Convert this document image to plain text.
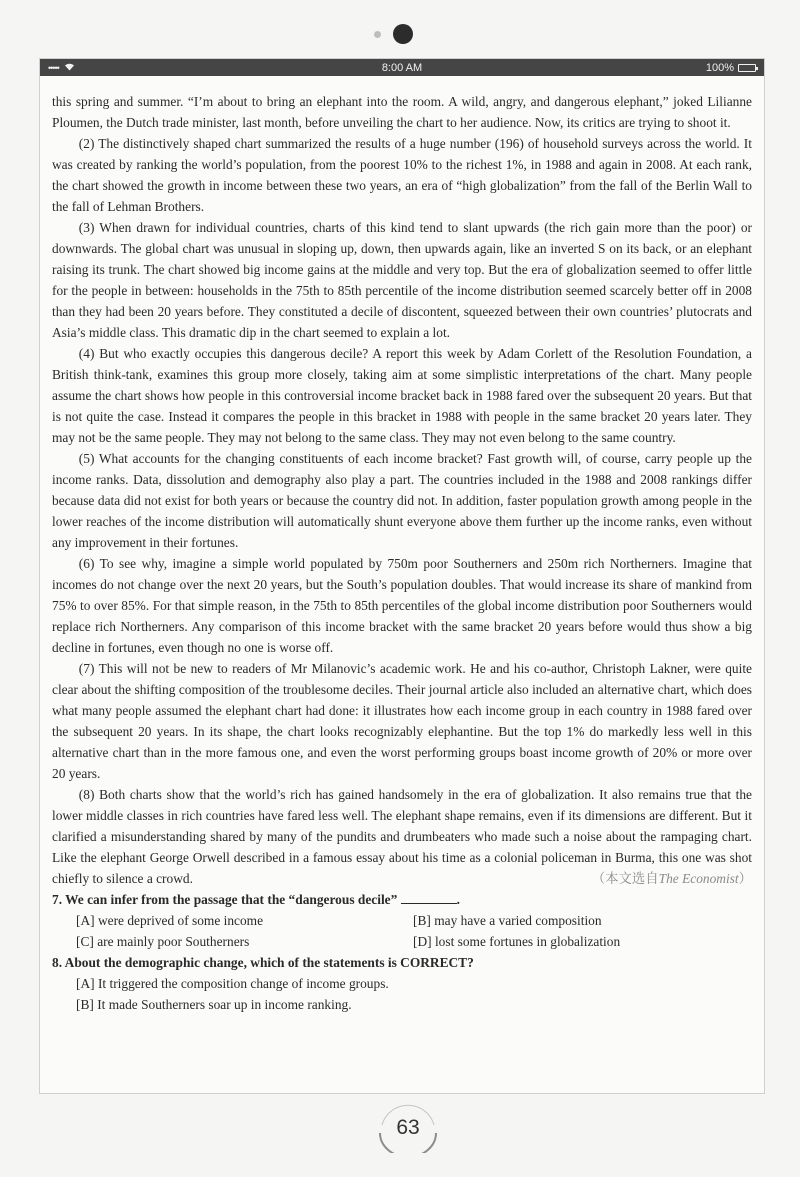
•••••	8:00 AM	100%

this spring and summer. “I’m about to bring an elephant into the room. A wild, angry, and dangerous elephant,” joked Lilianne Ploumen, the Dutch trade minister, last month, before unveiling the chart to her audience. Now, its critics are trying to shoot it.

(2) The distinctively shaped chart summarized the results of a huge number (196) of household surveys across the world. It was created by ranking the world’s population, from the poorest 10% to the richest 1%, in 1988 and again in 2008. At each rank, the chart showed the growth in income between these two years, an era of “high globalization” from the fall of the Berlin Wall to the fall of Lehman Brothers.

(3) When drawn for individual countries, charts of this kind tend to slant upwards (the rich gain more than the poor) or downwards. The global chart was unusual in sloping up, down, then upwards again, like an inverted S on its back, or an elephant raising its trunk. The chart showed big income gains at the middle and very top. But the era of globalization seemed to offer little for the people in between: households in the 75th to 85th percentile of the income distribution seemed scarcely better off in 2008 than they had been 20 years before. They constituted a decile of discontent, squeezed between their own countries’ plutocrats and Asia’s middle class. This dramatic dip in the chart seemed to explain a lot.

(4) But who exactly occupies this dangerous decile? A report this week by Adam Corlett of the Resolution Foundation, a British think-tank, examines this group more closely, taking aim at some simplistic interpretations of the chart. Many people assume the chart shows how people in this controversial income bracket back in 1988 fared over the subsequent 20 years. But that is not quite the case. Instead it compares the people in this bracket in 1988 with people in the same bracket 20 years later. They may not be the same people. They may not belong to the same class. They may not even belong to the same country.

(5) What accounts for the changing constituents of each income bracket? Fast growth will, of course, carry people up the income ranks. Data, dissolution and demography also play a part. The countries included in the 1988 and 2008 rankings differ because data did not exist for both years or because the country did not. In addition, faster population growth among people in the lower reaches of the income distribution will automatically shunt everyone above them further up the income ranks, even without any improvement in their fortunes.

(6) To see why, imagine a simple world populated by 750m poor Southerners and 250m rich Northerners. Imagine that incomes do not change over the next 20 years, but the South’s population doubles. That would increase its share of mankind from 75% to over 85%. For that simple reason, in the 75th to 85th percentiles of the global income distribution poor Southerners would replace rich Northerners. Any comparison of this income bracket with the same bracket 20 years before would thus show a big decline in fortunes, even though no one is worse off.

(7) This will not be new to readers of Mr Milanovic’s academic work. He and his co-author, Christoph Lakner, were quite clear about the shifting composition of the troublesome deciles. Their journal article also included an alternative chart, which does what many people assumed the elephant chart had done: it illustrates how each income group in each country in 1988 fared over the subsequent 20 years. In its shape, the chart looks recognizably elephantine. But the top 1% do markedly less well in this alternative chart than in the more famous one, and even the worst performing groups boast income growth of 20% or more over 20 years.

(8) Both charts show that the world’s rich has gained handsomely in the era of globalization. It also remains true that the lower middle classes in rich countries have fared less well. The elephant shape remains, even if its dimensions are different. But it clarified a misunderstanding shared by many of the pundits and drumbeaters who made such a noise about the rampaging chart. Like the elephant George Orwell described in a famous essay about his time as a colonial policeman in Burma, this one was shot chiefly to silence a crowd.	（本文选自The Economist）

7. We can infer from the passage that the “dangerous decile”	.

[A] were deprived of some income	[B] may have a varied composition
[C] are mainly poor Southerners	[D] lost some fortunes in globalization

8. About the demographic change, which of the statements is CORRECT?

[A] It triggered the composition change of income groups.
[B] It made Southerners soar up in income ranking.
63
